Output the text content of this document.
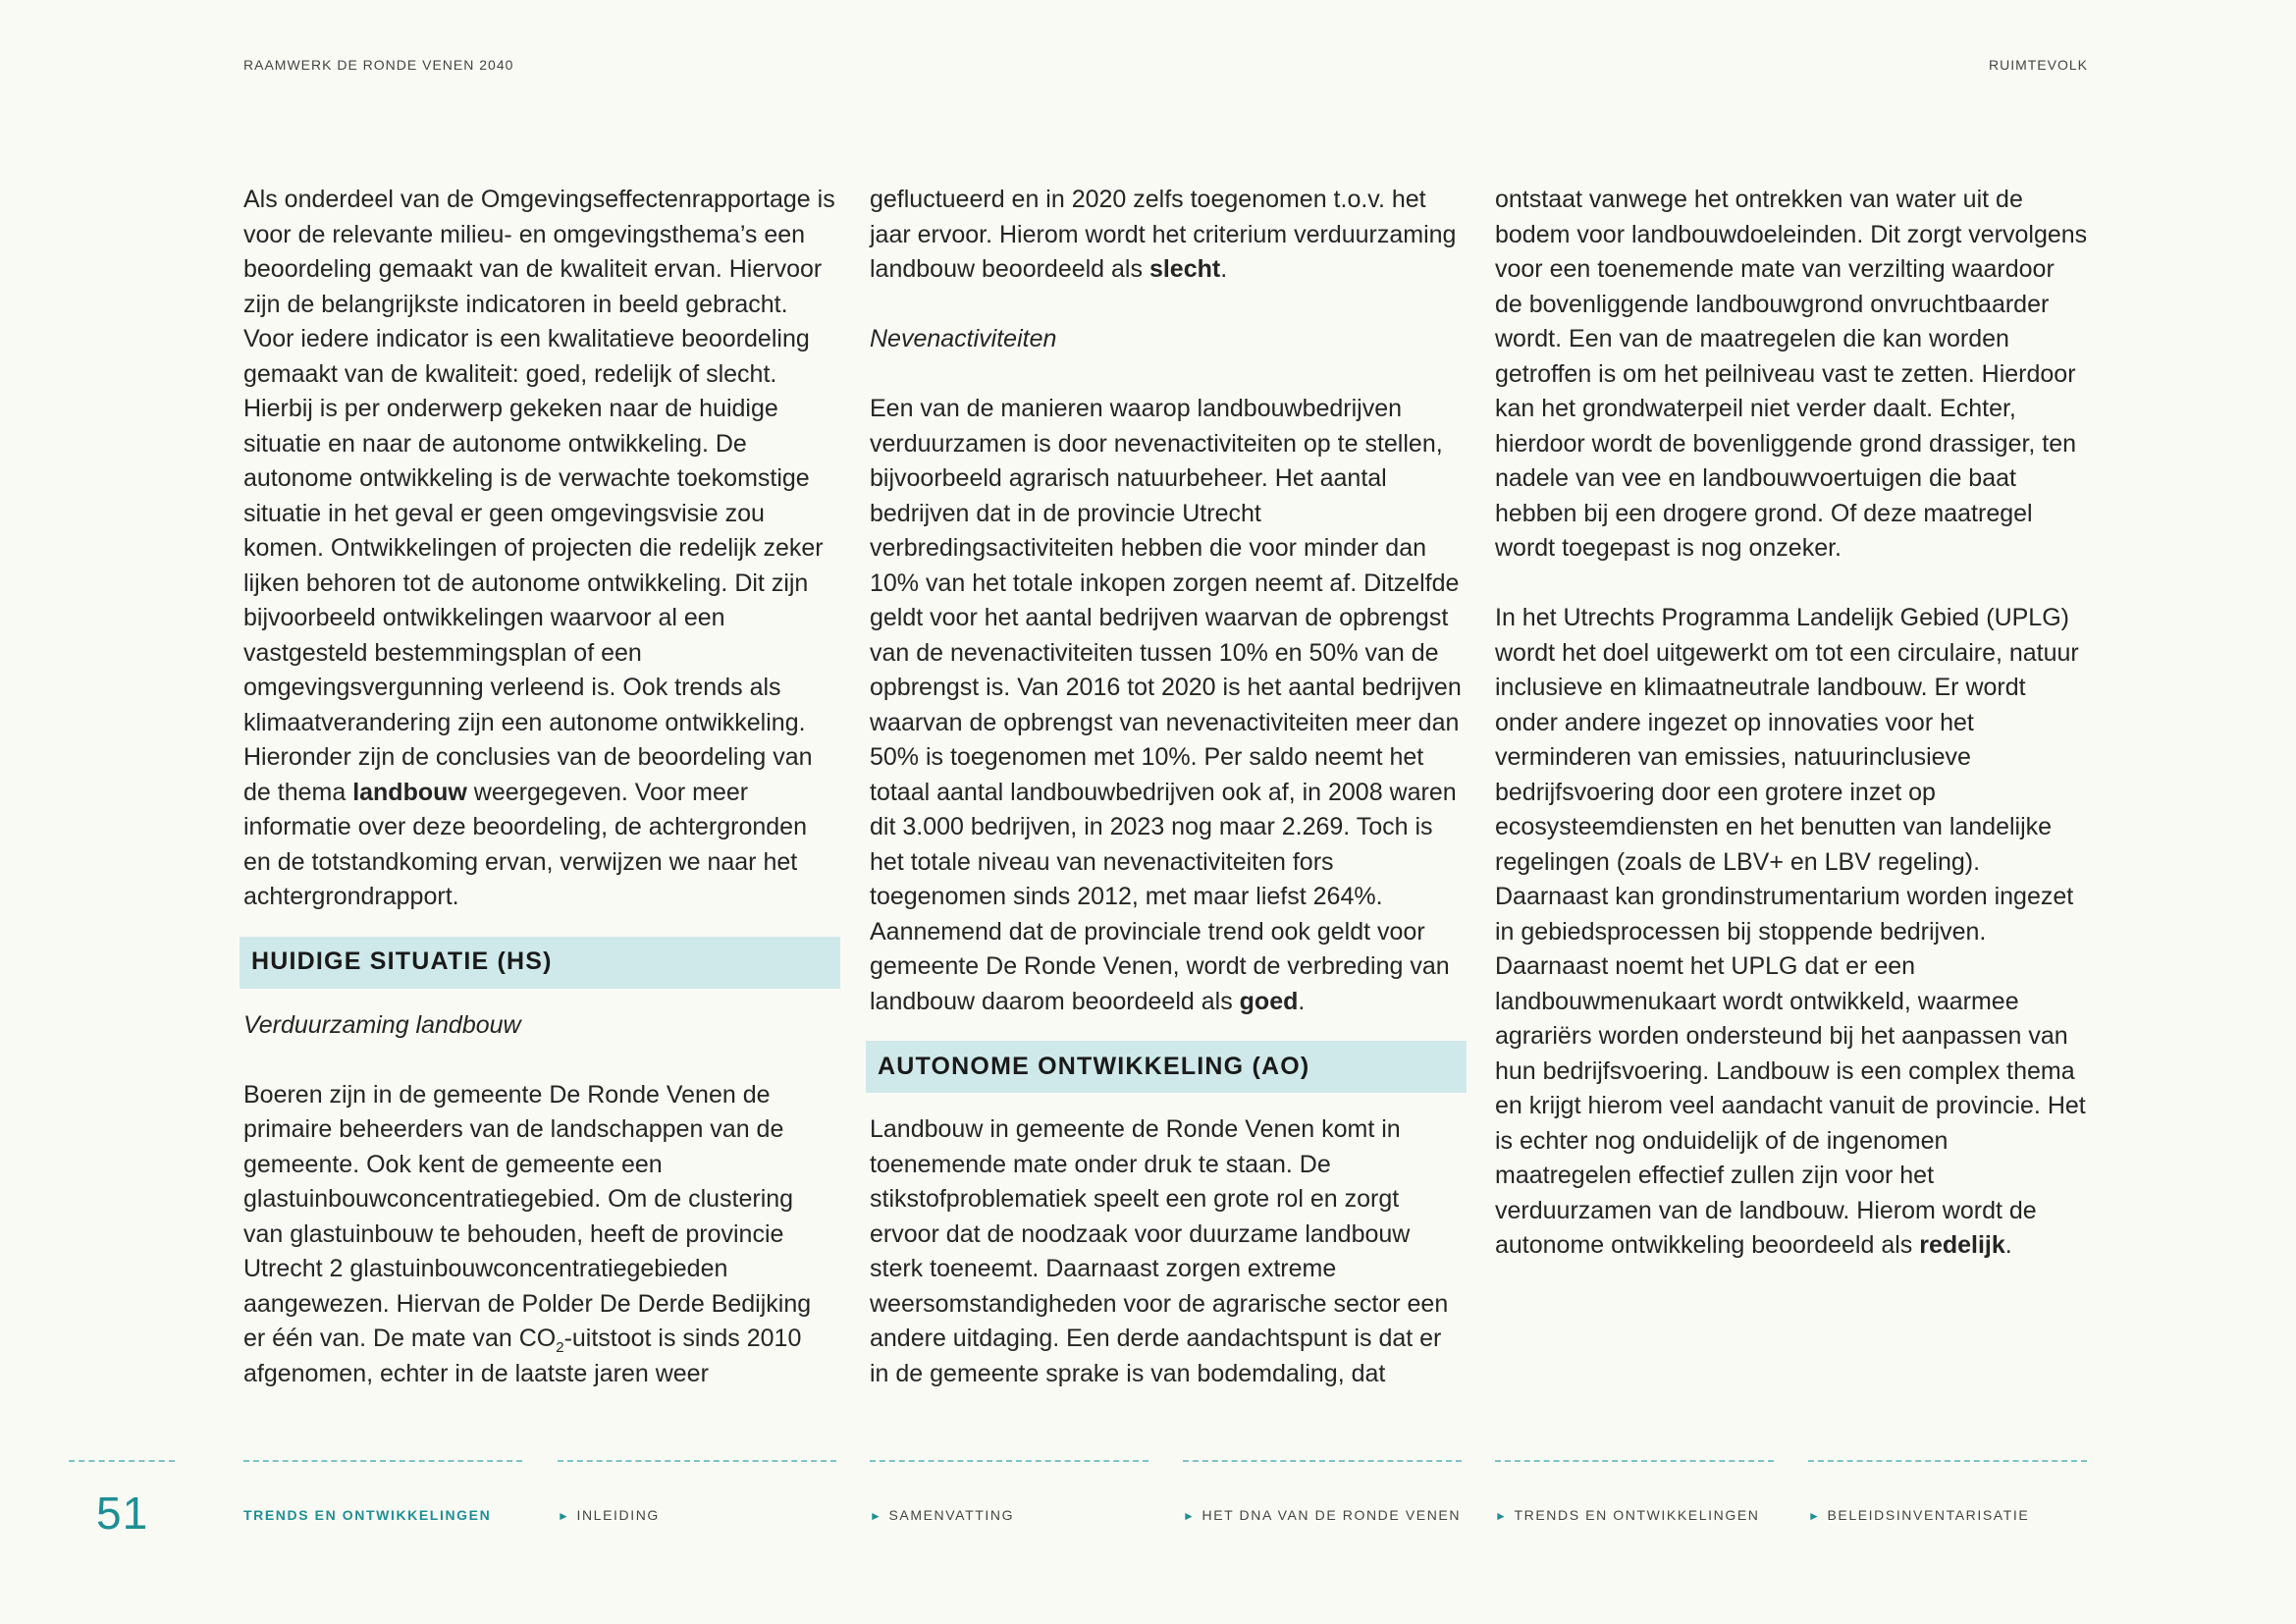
RAAMWERK DE RONDE VENEN 2040	RUIMTEVOLK

Als onderdeel van de Omgevingseffectenrapportage is voor de relevante milieu- en omgevingsthema’s een beoordeling gemaakt van de kwaliteit ervan. Hiervoor zijn de belangrijkste indicatoren in beeld gebracht. Voor iedere indicator is een kwalitatieve beoordeling gemaakt van de kwaliteit: goed, redelijk of slecht. Hierbij is per onderwerp gekeken naar de huidige situatie en naar de autonome ontwikkeling. De autonome ontwikkeling is de verwachte toekomstige situatie in het geval er geen omgevingsvisie zou komen. Ontwikkelingen of projecten die redelijk zeker lijken behoren tot de autonome ontwikkeling. Dit zijn bijvoorbeeld ontwikkelingen waarvoor al een vastgesteld bestemmingsplan of een omgevingsvergunning verleend is. Ook trends als klimaatverandering zijn een autonome ontwikkeling. Hieronder zijn de conclusies van de beoordeling van de thema landbouw weergegeven. Voor meer informatie over deze beoordeling, de achtergronden en de totstandkoming ervan, verwijzen we naar het achtergrondrapport.

HUIDIGE SITUATIE (HS)

Verduurzaming landbouw

Boeren zijn in de gemeente De Ronde Venen de primaire beheerders van de landschappen van de gemeente. Ook kent de gemeente een glastuinbouwconcentratiegebied. Om de clustering van glastuinbouw te behouden, heeft de provincie Utrecht 2 glastuinbouwconcentratiegebieden aangewezen. Hiervan de Polder De Derde Bedijking er één van. De mate van $CO_2$-uitstoot is sinds 2010 afgenomen, echter in de laatste jaren weer

gefluctueerd en in 2020 zelfs toegenomen t.o.v. het jaar ervoor. Hierom wordt het criterium verduurzaming landbouw beoordeeld als slecht.

Nevenactiviteiten

Een van de manieren waarop landbouwbedrijven verduurzamen is door nevenactiviteiten op te stellen, bijvoorbeeld agrarisch natuurbeheer. Het aantal bedrijven dat in de provincie Utrecht verbredingsactiviteiten hebben die voor minder dan 10% van het totale inkopen zorgen neemt af. Ditzelfde geldt voor het aantal bedrijven waarvan de opbrengst van de nevenactiviteiten tussen 10% en 50% van de opbrengst is. Van 2016 tot 2020 is het aantal bedrijven waarvan de opbrengst van nevenactiviteiten meer dan 50% is toegenomen met 10%. Per saldo neemt het totaal aantal landbouwbedrijven ook af, in 2008 waren dit 3.000 bedrijven, in 2023 nog maar 2.269. Toch is het totale niveau van nevenactiviteiten fors toegenomen sinds 2012, met maar liefst 264%. Aannemend dat de provinciale trend ook geldt voor gemeente De Ronde Venen, wordt de verbreding van landbouw daarom beoordeeld als goed.

AUTONOME ONTWIKKELING (AO)

Landbouw in gemeente de Ronde Venen komt in toenemende mate onder druk te staan. De stikstofproblematiek speelt een grote rol en zorgt ervoor dat de noodzaak voor duurzame landbouw sterk toeneemt. Daarnaast zorgen extreme weersomstandigheden voor de agrarische sector een andere uitdaging. Een derde aandachtspunt is dat er in de gemeente sprake is van bodemdaling, dat

ontstaat vanwege het ontrekken van water uit de bodem voor landbouwdoeleinden. Dit zorgt vervolgens voor een toenemende mate van verzilting waardoor de bovenliggende landbouwgrond onvruchtbaarder wordt. Een van de maatregelen die kan worden getroffen is om het peilniveau vast te zetten. Hierdoor kan het grondwaterpeil niet verder daalt. Echter, hierdoor wordt de bovenliggende grond drassiger, ten nadele van vee en landbouwvoertuigen die baat hebben bij een drogere grond. Of deze maatregel wordt toegepast is nog onzeker.

In het Utrechts Programma Landelijk Gebied (UPLG) wordt het doel uitgewerkt om tot een circulaire, natuur inclusieve en klimaatneutrale landbouw. Er wordt onder andere ingezet op innovaties voor het verminderen van emissies, natuurinclusieve bedrijfsvoering door een grotere inzet op ecosysteemdiensten en het benutten van landelijke regelingen (zoals de LBV+ en LBV regeling). Daarnaast kan grondinstrumentarium worden ingezet in gebiedsprocessen bij stoppende bedrijven. Daarnaast noemt het UPLG dat er een landbouwmenukaart wordt ontwikkeld, waarmee agrariërs worden ondersteund bij het aanpassen van hun bedrijfsvoering. Landbouw is een complex thema en krijgt hierom veel aandacht vanuit de provincie. Het is echter nog onduidelijk of de ingenomen maatregelen effectief zullen zijn voor het verduurzamen van de landbouw. Hierom wordt de autonome ontwikkeling beoordeeld als redelijk.

51	TRENDS EN ONTWIKKELINGEN	► INLEIDING	► SAMENVATTING	► HET DNA VAN DE RONDE VENEN	► TRENDS EN ONTWIKKELINGEN	► BELEIDSINVENTARISATIE
